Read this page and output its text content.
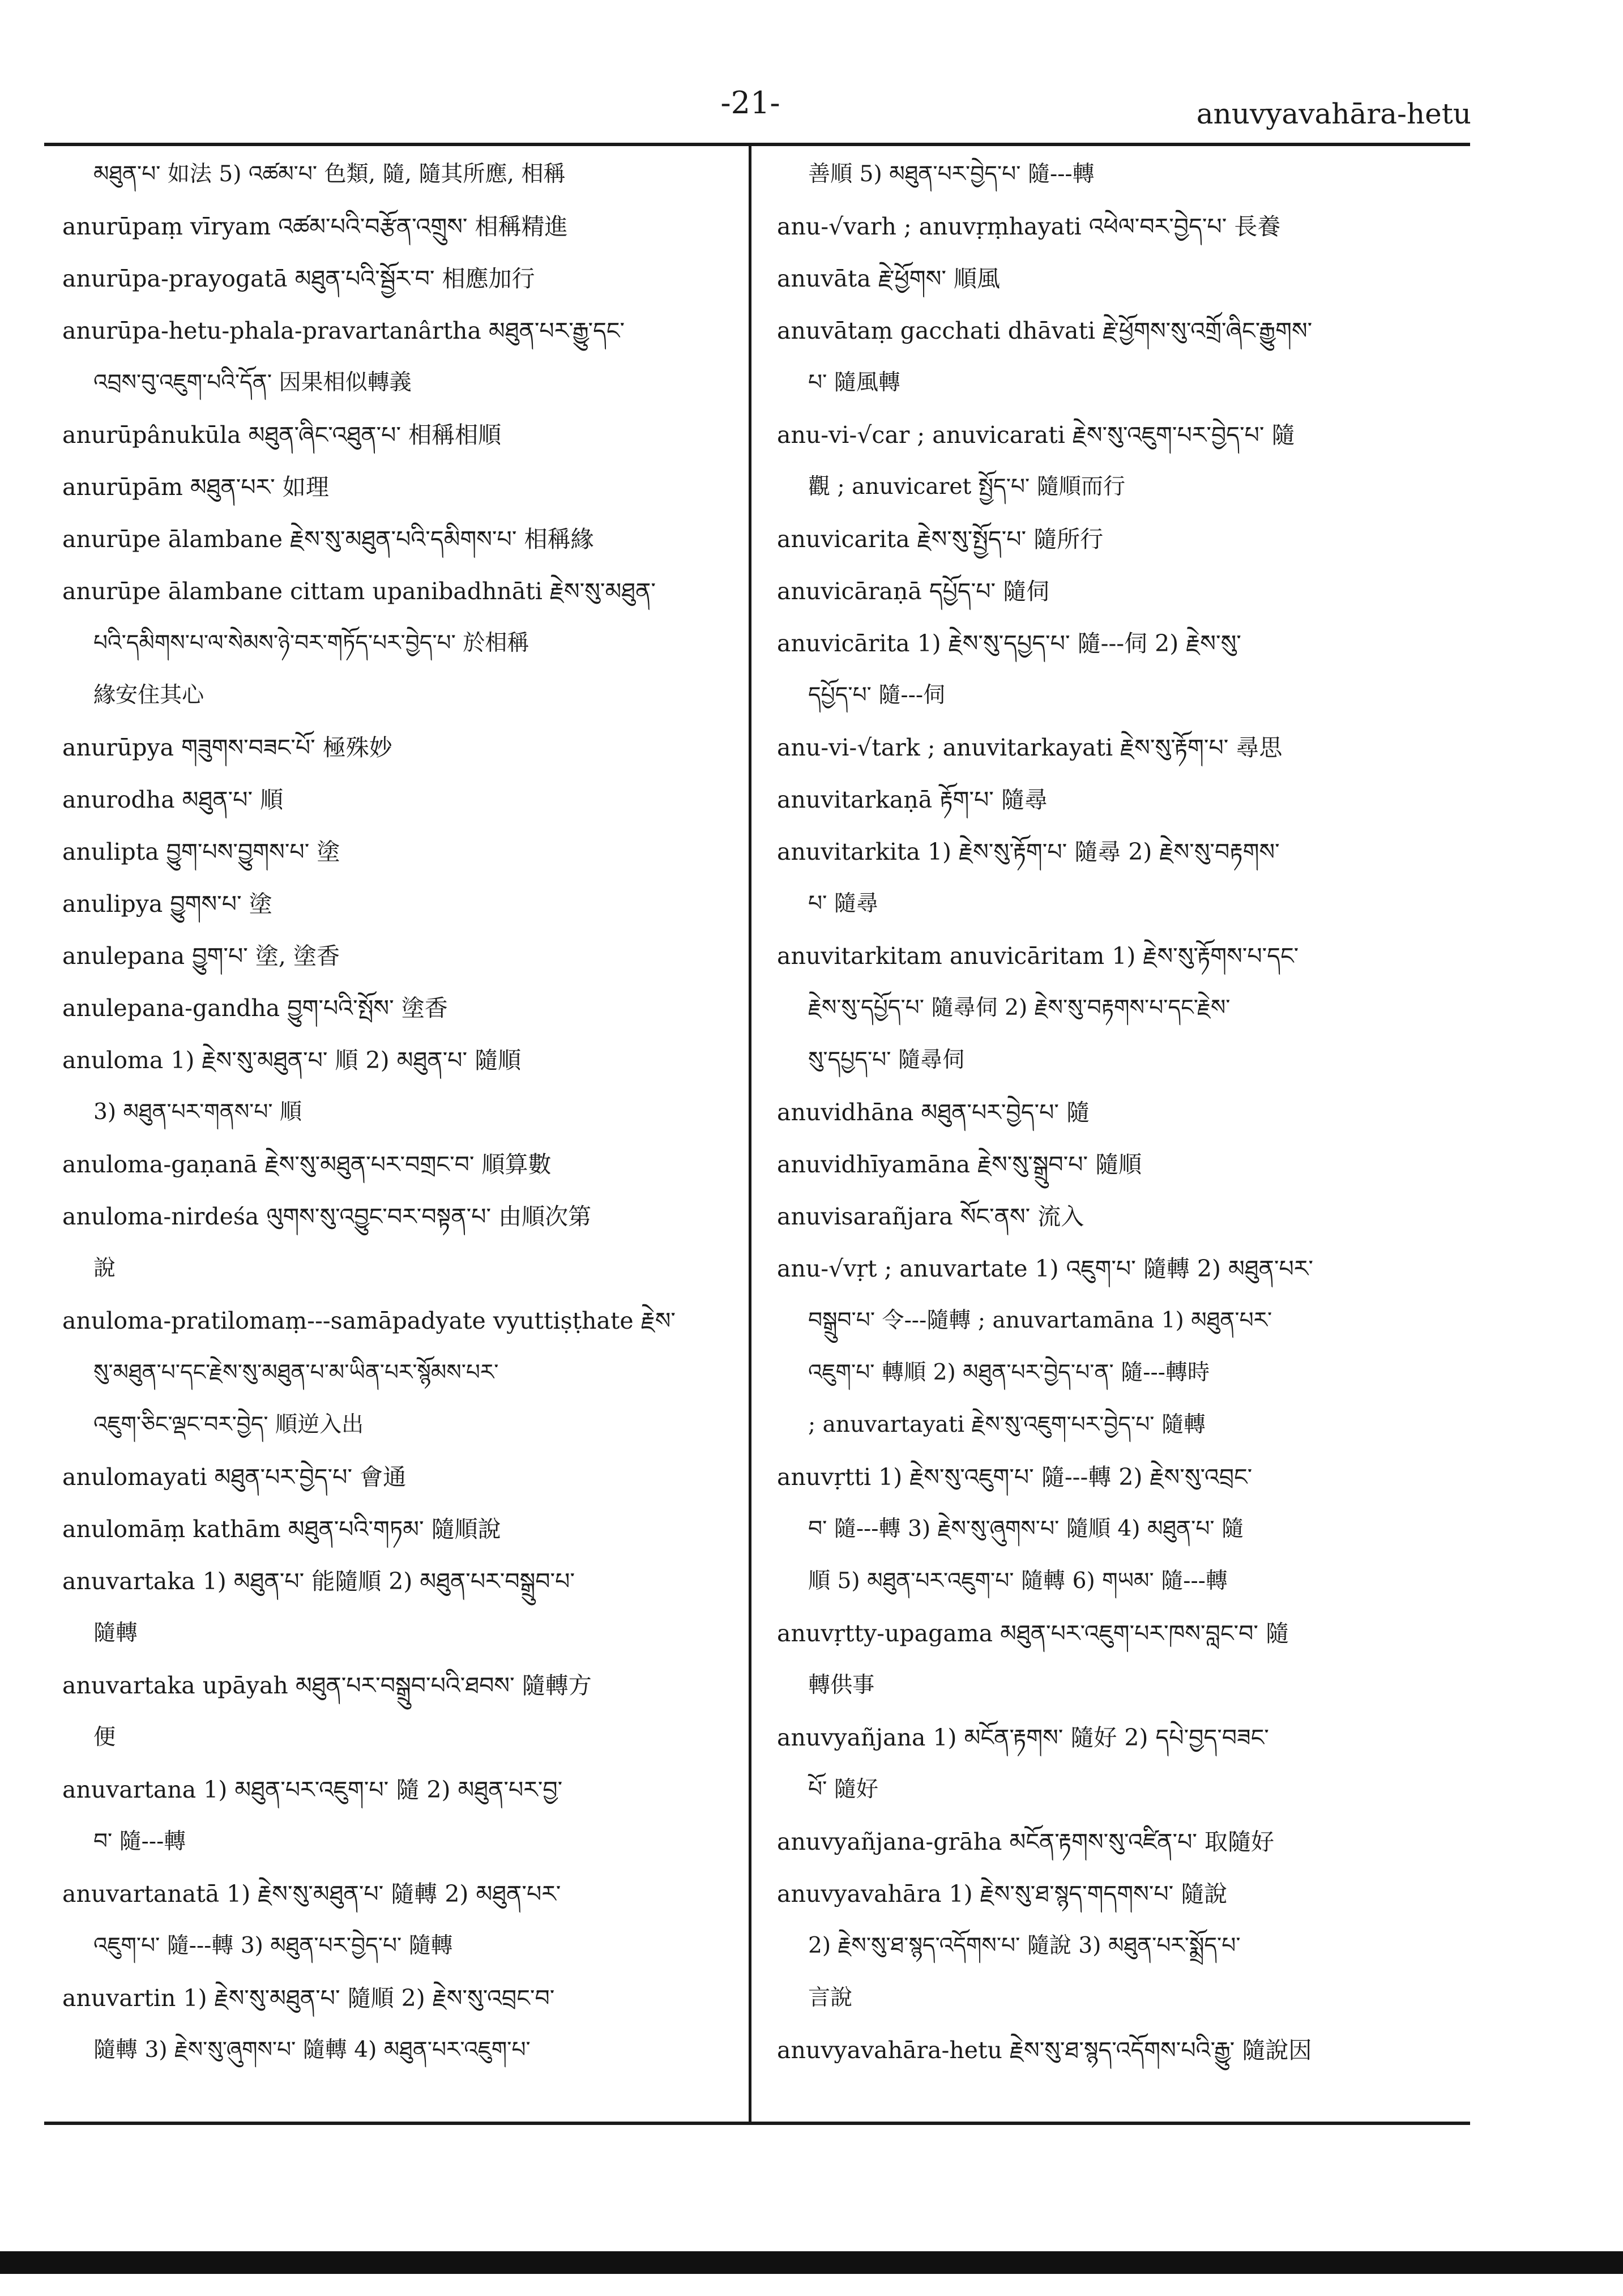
-21-	anuvyavahāra-hetu
མཐུན་པ་ 如法 5) འཚམ་པ་ 色類, 隨, 隨其所應, 相稱
anurūpaṃ vīryam འཚམ་པའི་བརྩོན་འགྲུས་ 相稱精進
anurūpa-prayogatā མཐུན་པའི་སྦྱོར་བ་ 相應加行
anurūpa-hetu-phala-pravartanârtha མཐུན་པར་རྒྱུ་དང་
འབྲས་བུ་འཇུག་པའི་དོན་ 因果相似轉義
anurūpânukūla མཐུན་ཞིང་འཐུན་པ་ 相稱相順
anurūpām མཐུན་པར་ 如理
anurūpe ālambane རྗེས་སུ་མཐུན་པའི་དམིགས་པ་ 相稱緣
anurūpe ālambane cittam upanibadhnāti རྗེས་སུ་མཐུན་
པའི་དམིགས་པ་ལ་སེམས་ཉེ་བར་གཏོད་པར་བྱེད་པ་ 於相稱
緣安住其心
anurūpya གཟུགས་བཟང་པོ་ 極殊妙
anurodha མཐུན་པ་ 順
anulipta བྱུག་པས་བྱུགས་པ་ 塗
anulipya བྱུགས་པ་ 塗
anulepana བྱུག་པ་ 塗, 塗香
anulepana-gandha བྱུག་པའི་སྤོས་ 塗香
anuloma 1) རྗེས་སུ་མཐུན་པ་ 順 2) མཐུན་པ་ 隨順
3) མཐུན་པར་གནས་པ་ 順
anuloma-gaṇanā རྗེས་སུ་མཐུན་པར་བགྲང་བ་ 順算數
anuloma-nirdeśa ལུགས་སུ་འབྱུང་བར་བསྟན་པ་ 由順次第
說
anuloma-pratilomaṃ---samāpadyate vyuttiṣṭhate རྗེས་
སུ་མཐུན་པ་དང་རྗེས་སུ་མཐུན་པ་མ་ཡིན་པར་སྙོམས་པར་
འཇུག་ཅིང་ལྡང་བར་བྱེད་ 順逆入出
anulomayati མཐུན་པར་བྱེད་པ་ 會通
anulomāṃ kathām མཐུན་པའི་གཏམ་ 隨順說
anuvartaka 1) མཐུན་པ་ 能隨順 2) མཐུན་པར་བསྒྲུབ་པ་
隨轉
anuvartaka upāyah མཐུན་པར་བསྒྲུབ་པའི་ཐབས་ 隨轉方
便
anuvartana 1) མཐུན་པར་འཇུག་པ་ 隨 2) མཐུན་པར་བྱ་
བ་ 隨---轉
anuvartanatā 1) རྗེས་སུ་མཐུན་པ་ 隨轉 2) མཐུན་པར་
འཇུག་པ་ 隨---轉 3) མཐུན་པར་བྱེད་པ་ 隨轉
anuvartin 1) རྗེས་སུ་མཐུན་པ་ 隨順 2) རྗེས་སུ་འབྲང་བ་
隨轉 3) རྗེས་སུ་ཞུགས་པ་ 隨轉 4) མཐུན་པར་འཇུག་པ་
善順 5) མཐུན་པར་བྱེད་པ་ 隨---轉
anu-√varh ; anuvṛṃhayati འཕེལ་བར་བྱེད་པ་ 長養
anuvāta རྗེ་ཕྱོགས་ 順風
anuvātaṃ gacchati dhāvati རྗེ་ཕྱོགས་སུ་འགྲོ་ཞིང་རྒྱུགས་
པ་ 隨風轉
anu-vi-√car ; anuvicarati རྗེས་སུ་འཇུག་པར་བྱེད་པ་ 隨
觀 ; anuvicaret སྤྱོད་པ་ 隨順而行
anuvicarita རྗེས་སུ་སྤྱོད་པ་ 隨所行
anuvicāraṇā དཔྱོད་པ་ 隨伺
anuvicārita 1) རྗེས་སུ་དཔྱད་པ་ 隨---伺 2) རྗེས་སུ་
དཔྱོད་པ་ 隨---伺
anu-vi-√tark ; anuvitarkayati རྗེས་སུ་རྟོག་པ་ 尋思
anuvitarkaṇā རྟོག་པ་ 隨尋
anuvitarkita 1) རྗེས་སུ་རྟོག་པ་ 隨尋 2) རྗེས་སུ་བརྟགས་
པ་ 隨尋
anuvitarkitam anuvicāritam 1) རྗེས་སུ་རྟོགས་པ་དང་
རྗེས་སུ་དཔྱོད་པ་ 隨尋伺 2) རྗེས་སུ་བརྟགས་པ་དང་རྗེས་
སུ་དཔྱད་པ་ 隨尋伺
anuvidhāna མཐུན་པར་བྱེད་པ་ 隨
anuvidhīyamāna རྗེས་སུ་སྒྲུབ་པ་ 隨順
anuvisarañjara སོང་ནས་ 流入
anu-√vṛt ; anuvartate 1) འཇུག་པ་ 隨轉 2) མཐུན་པར་
བསྒྲུབ་པ་ 令---隨轉 ; anuvartamāna 1) མཐུན་པར་
འཇུག་པ་ 轉順 2) མཐུན་པར་བྱེད་པ་ན་ 隨---轉時
; anuvartayati རྗེས་སུ་འཇུག་པར་བྱེད་པ་ 隨轉
anuvṛtti 1) རྗེས་སུ་འཇུག་པ་ 隨---轉 2) རྗེས་སུ་འབྲང་
བ་ 隨---轉 3) རྗེས་སུ་ཞུགས་པ་ 隨順 4) མཐུན་པ་ 隨
順 5) མཐུན་པར་འཇུག་པ་ 隨轉 6) གཡམ་ 隨---轉
anuvṛtty-upagama མཐུན་པར་འཇུག་པར་ཁས་བླང་བ་ 隨
轉供事
anuvyañjana 1) མངོན་རྟགས་ 隨好 2) དཔེ་བྱད་བཟང་
པོ་ 隨好
anuvyañjana-grāha མངོན་རྟགས་སུ་འཛིན་པ་ 取隨好
anuvyavahāra 1) རྗེས་སུ་ཐ་སྙད་གདགས་པ་ 隨說
2) རྗེས་སུ་ཐ་སྙད་འདོགས་པ་ 隨說 3) མཐུན་པར་སྨྲོད་པ་
言說
anuvyavahāra-hetu རྗེས་སུ་ཐ་སྙད་འདོགས་པའི་རྒྱུ་ 隨說因
